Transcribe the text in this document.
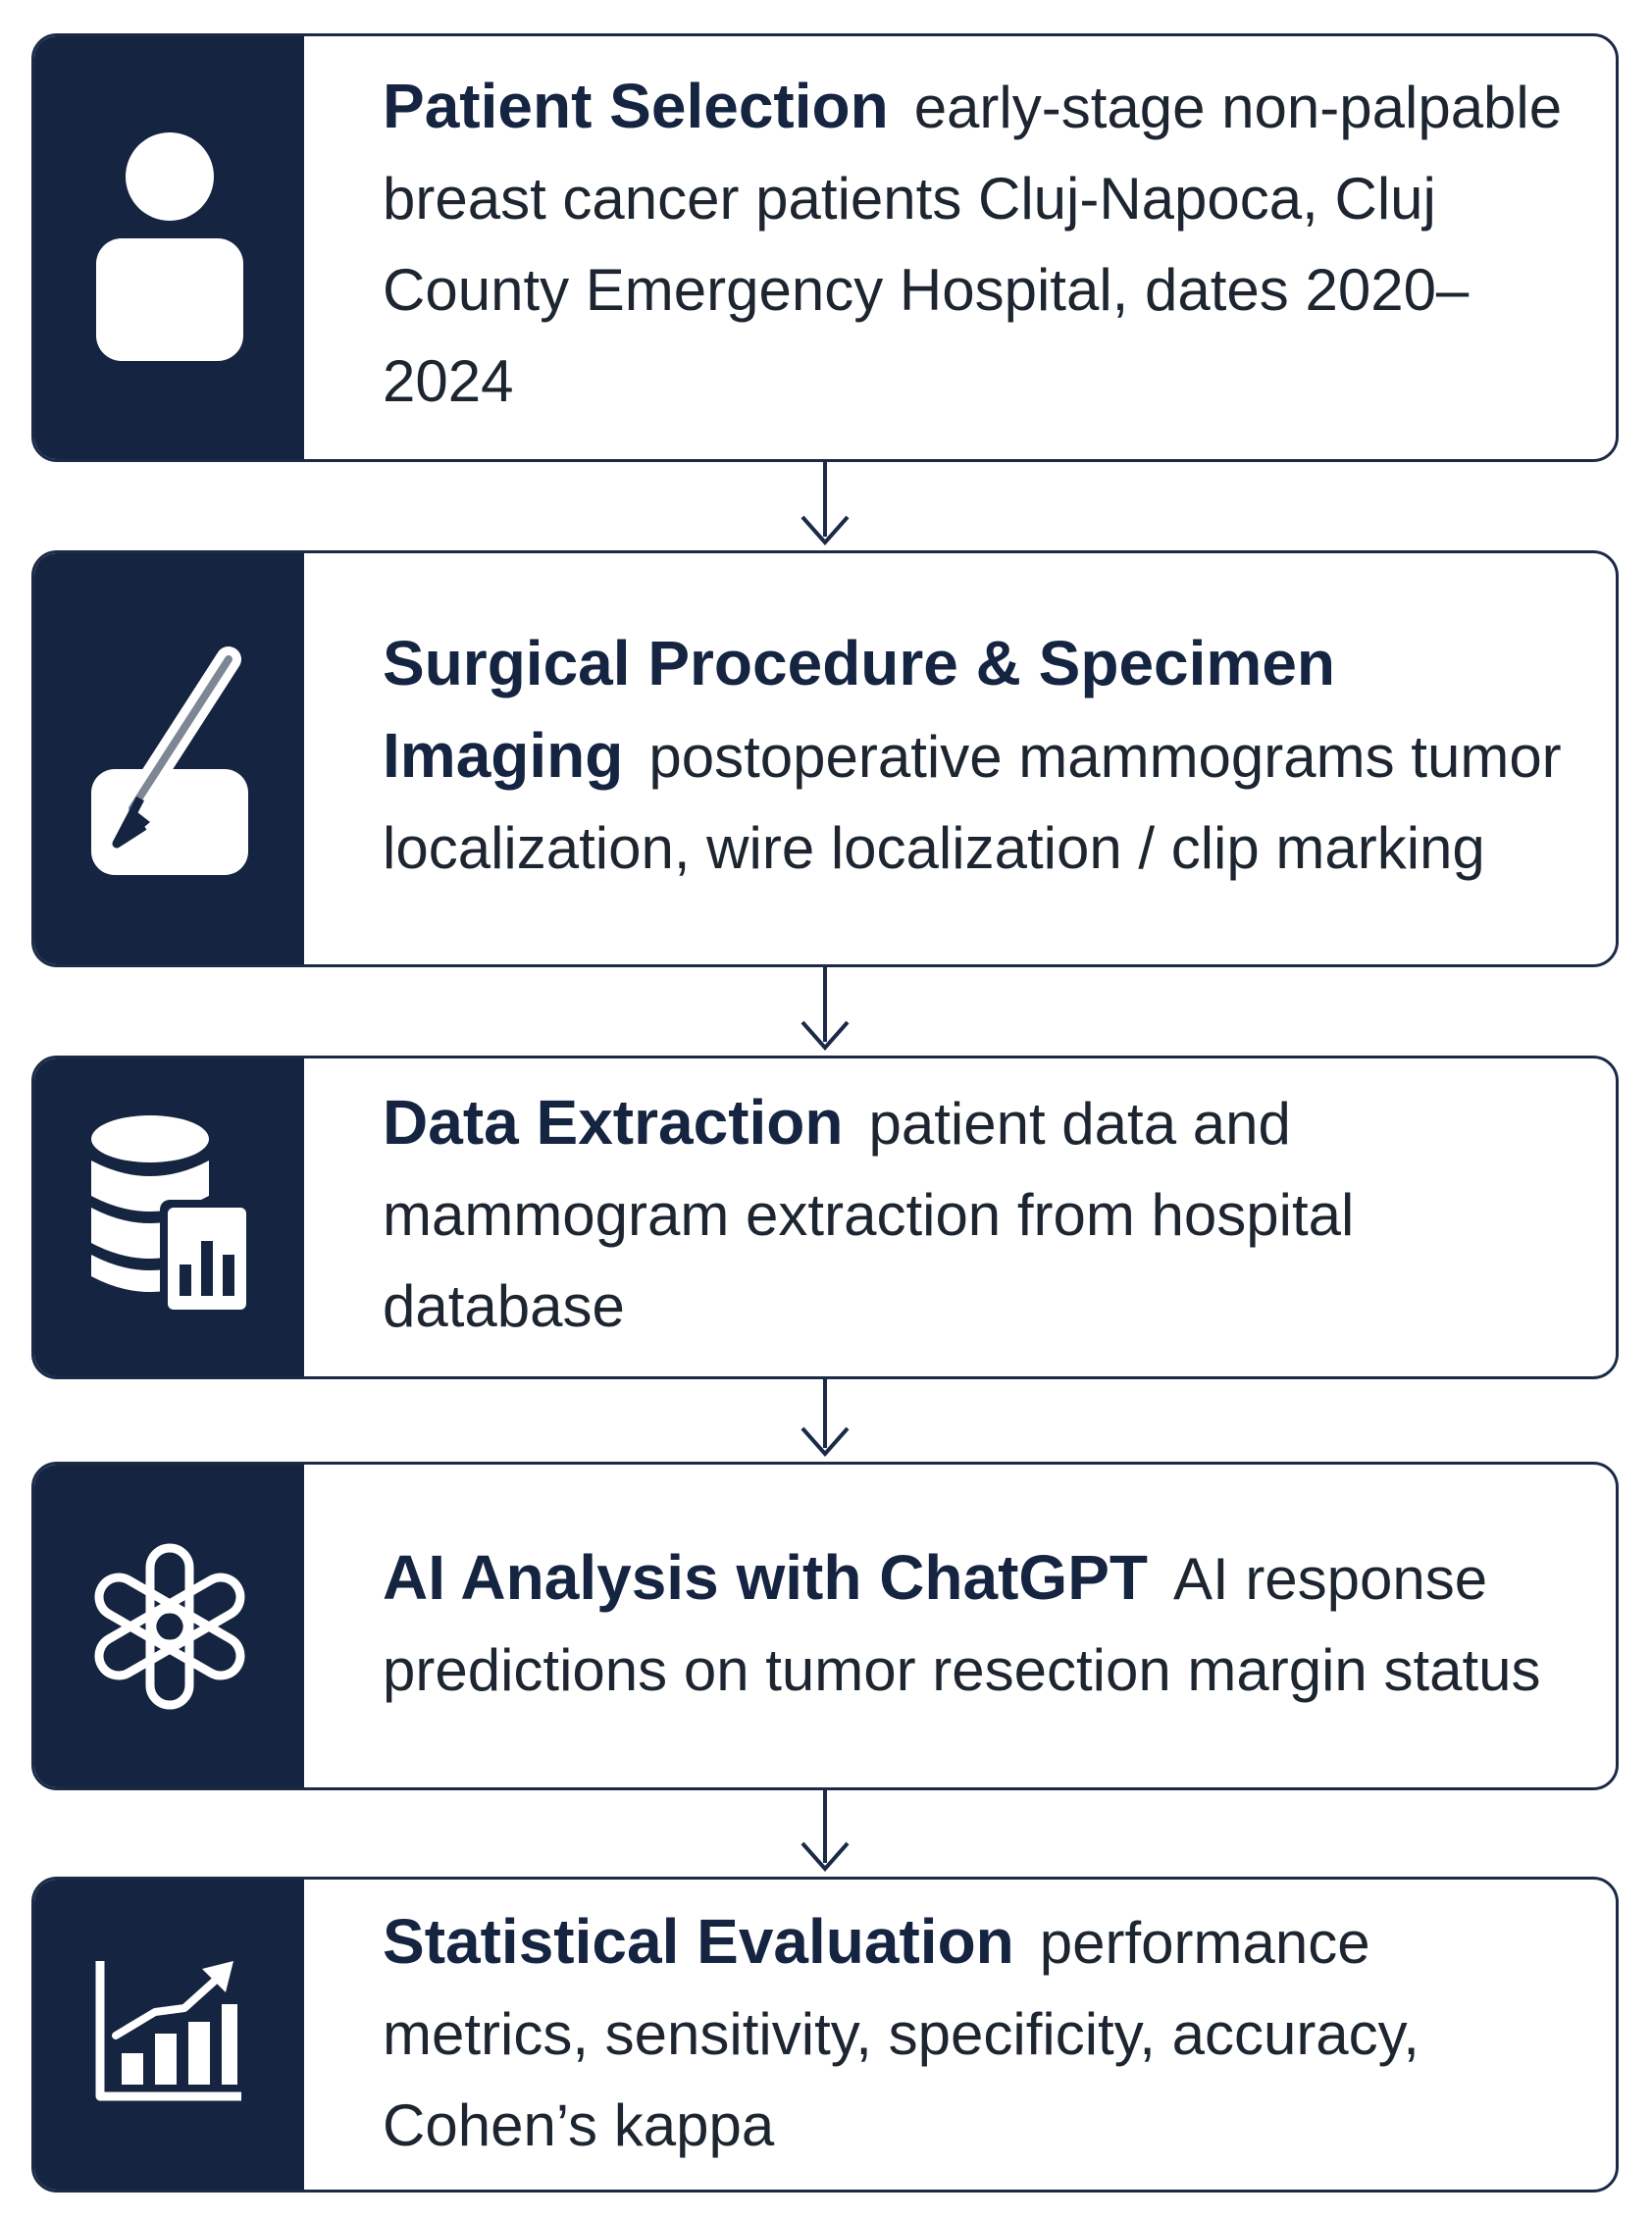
Patient Selection early-stage non-palpable breast cancer patients Cluj-Napoca, Cluj County Emergency Hospital, dates 2020–2024
Surgical Procedure & Specimen Imaging postoperative mammograms tumor localization, wire localization / clip marking
Data Extraction patient data and mammogram extraction from hospital database
AI Analysis with ChatGPT AI response predictions on tumor resection margin status
Statistical Evaluation performance metrics, sensitivity, specificity, accuracy, Cohen’s kappa
